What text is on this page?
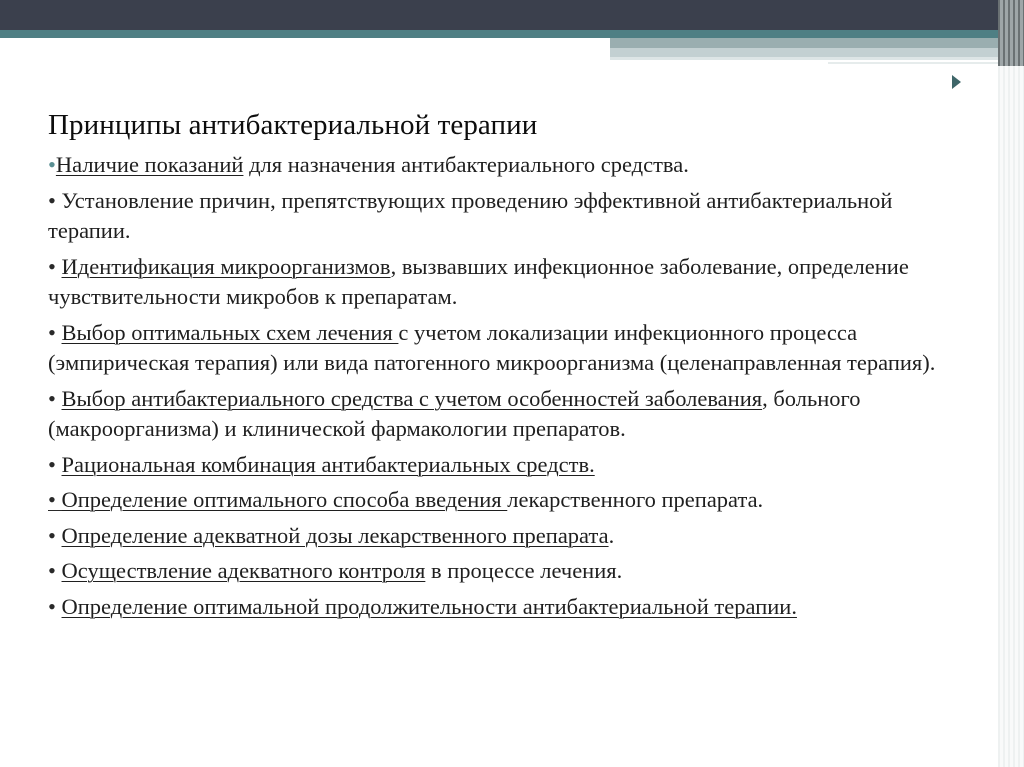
Принципы антибактериальной терапии
•Наличие показаний для назначения антибактериального средства.
• Установление причин, препятствующих проведению эффективной антибактериальной терапии.
• Идентификация микроорганизмов, вызвавших инфекционное заболевание, определение чувствительности микробов к препаратам.
• Выбор оптимальных схем лечения с учетом локализации инфекционного процесса (эмпирическая терапия) или вида патогенного микроорганизма (целенаправленная терапия).
• Выбор антибактериального средства с учетом особенностей заболевания, больного (макроорганизма) и клинической фармакологии препаратов.
• Рациональная комбинация антибактериальных средств.
• Определение оптимального способа введения лекарственного препарата.
• Определение адекватной дозы лекарственного препарата.
• Осуществление адекватного контроля в процессе лечения.
• Определение оптимальной продолжительности антибактериальной терапии.
